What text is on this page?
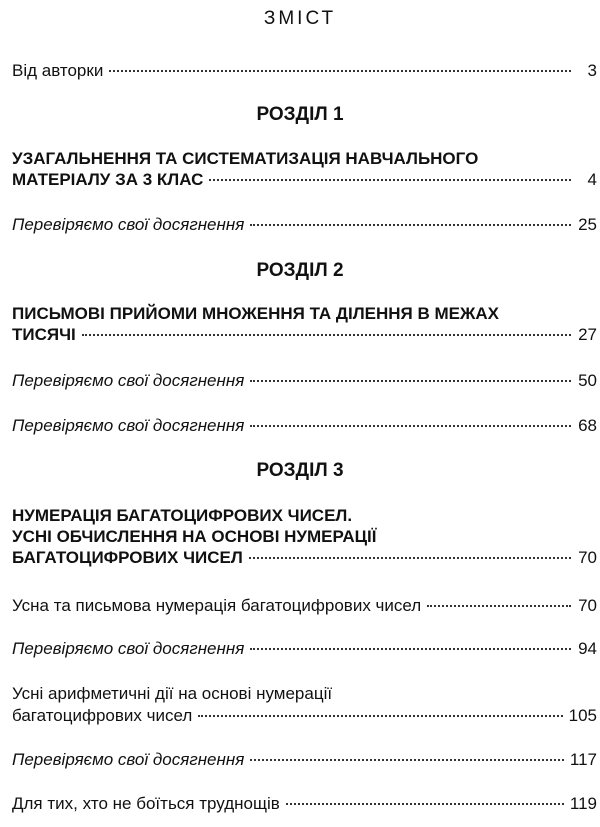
ЗМІСТ
Від авторки	3
РОЗДІЛ 1
УЗАГАЛЬНЕННЯ ТА СИСТЕМАТИЗАЦІЯ НАВЧАЛЬНОГО
МАТЕРІАЛУ ЗА 3 КЛАС	4
Перевіряємо свої досягнення	25
РОЗДІЛ 2
ПИСЬМОВІ ПРИЙОМИ МНОЖЕННЯ ТА ДІЛЕННЯ В МЕЖАХ
ТИСЯЧІ	27
Перевіряємо свої досягнення	50
Перевіряємо свої досягнення	68
РОЗДІЛ 3
НУМЕРАЦІЯ БАГАТОЦИФРОВИХ ЧИСЕЛ.
УСНІ ОБЧИСЛЕННЯ НА ОСНОВІ НУМЕРАЦІЇ
БАГАТОЦИФРОВИХ ЧИСЕЛ	70
Усна та письмова нумерація багатоцифрових чисел	70
Перевіряємо свої досягнення	94
Усні арифметичні дії на основі нумерації
багатоцифрових чисел	105
Перевіряємо свої досягнення	117
Для тих, хто не боїться труднощів	119
